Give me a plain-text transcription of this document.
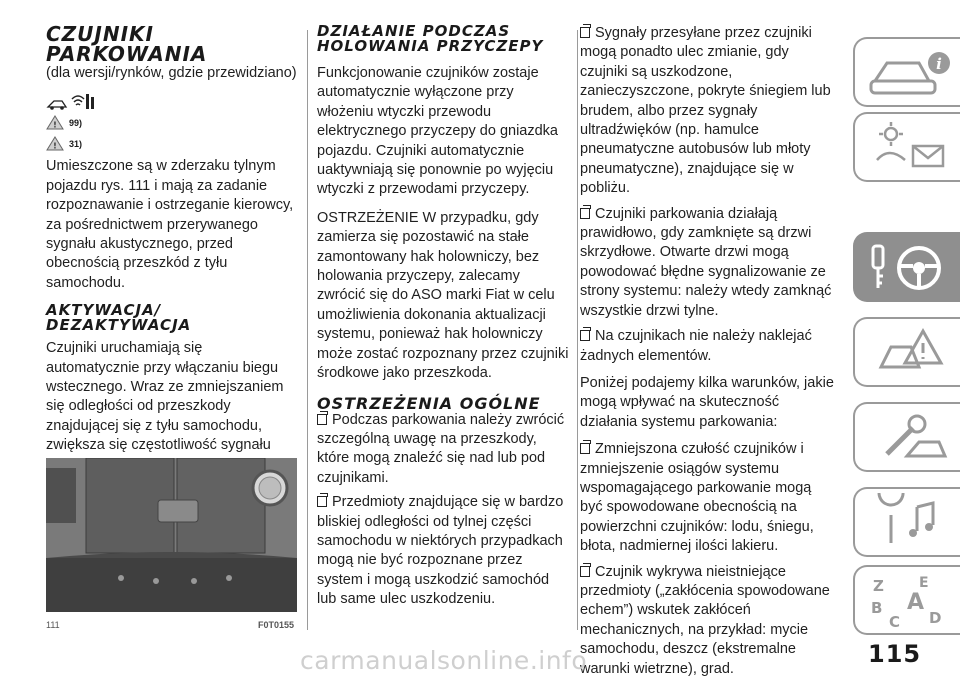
CZUJNIKI
PARKOWANIA

(dla wersji/rynków, gdzie przewidziano)

! 99)
! 31)

Umieszczone są w zderzaku tylnym pojazdu rys. 111 i mają za zadanie rozpoznawanie i ostrzeganie kierowcy, za pośrednictwem przerywanego sygnału akustycznego, przed obecnością przeszkód z tyłu samochodu.

AKTYWACJA/
DEZAKTYWACJA

Czujniki uruchamiają się automatycznie przy włączaniu biegu wstecznego. Wraz ze zmniejszaniem się odległości od przeszkody znajdującej się z tyłu samochodu, zwiększa się częstotliwość sygnału

111	F0T0155
DZIAŁANIE PODCZAS
HOLOWANIA PRZYCZEPY

Funkcjonowanie czujników zostaje automatycznie wyłączone przy włożeniu wtyczki przewodu elektrycznego przyczepy do gniazdka pojazdu. Czujniki automatycznie uaktywniają się ponownie po wyjęciu wtyczki z przewodami przyczepy.

OSTRZEŻENIE W przypadku, gdy zamierza się pozostawić na stałe zamontowany hak holowniczy, bez holowania przyczepy, zalecamy zwrócić się do ASO marki Fiat w celu umożliwienia dokonania aktualizacji systemu, ponieważ hak holowniczy może zostać rozpoznany przez czujniki środkowe jako przeszkoda.

OSTRZEŻENIA OGÓLNE

Podczas parkowania należy zwrócić szczególną uwagę na przeszkody, które mogą znaleźć się nad lub pod czujnikami.

Przedmioty znajdujące się w bardzo bliskiej odległości od tylnej części samochodu w niektórych przypadkach mogą nie być rozpoznane przez system i mogą uszkodzić samochód lub same ulec uszkodzeniu.

Sygnały przesyłane przez czujniki mogą ponadto ulec zmianie, gdy czujniki są uszkodzone, zanieczyszczone, pokryte śniegiem lub brudem, albo przez sygnały ultradźwięków (np. hamulce pneumatyczne autobusów lub młoty pneumatyczne), znajdujące się w pobliżu.

Czujniki parkowania działają prawidłowo, gdy zamknięte są drzwi skrzydłowe. Otwarte drzwi mogą powodować błędne sygnalizowanie ze strony systemu: należy wtedy zamknąć wszystkie drzwi tylne.

Na czujnikach nie należy naklejać żadnych elementów.

Poniżej podajemy kilka warunków, jakie mogą wpływać na skuteczność działania systemu parkowania:

Zmniejszona czułość czujników i zmniejszenie osiągów systemu wspomagającego parkowanie mogą być spowodowane obecnością na powierzchni czujników: lodu, śniegu, błota, nadmiernej ilości lakieru.

Czujnik wykrywa nieistniejące przedmioty („zakłócenia spowodowane echem”) wskutek zakłóceń mechanicznych, na przykład: mycie samochodu, deszcz (ekstremalne warunki wietrzne), grad.

i
Z	E
B A
C D
115
carmanualsonline.info
